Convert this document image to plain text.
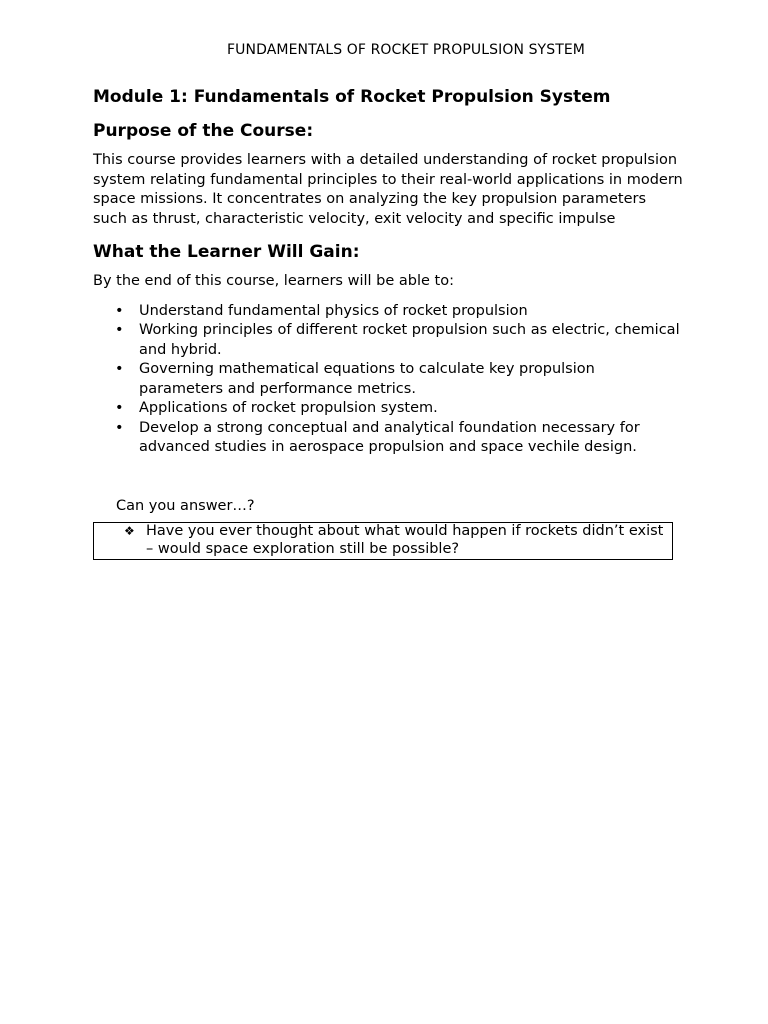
FUNDAMENTALS OF ROCKET PROPULSION SYSTEM
Module 1: Fundamentals of Rocket Propulsion System
Purpose of the Course:

This course provides learners with a detailed understanding of rocket propulsion system relating fundamental principles to their real-world applications in modern space missions. It concentrates on analyzing the key propulsion parameters such as thrust, characteristic velocity, exit velocity and specific impulse

What the Learner Will Gain:

By the end of this course, learners will be able to:

• Understand fundamental physics of rocket propulsion
• Working principles of different rocket propulsion such as electric, chemical and hybrid.
• Governing mathematical equations to calculate key propulsion parameters and performance metrics.
• Applications of rocket propulsion system.
• Develop a strong conceptual and analytical foundation necessary for advanced studies in aerospace propulsion and space vechile design.

Can you answer…?

❖ Have you ever thought about what would happen if rockets didn’t exist – would space exploration still be possible?
